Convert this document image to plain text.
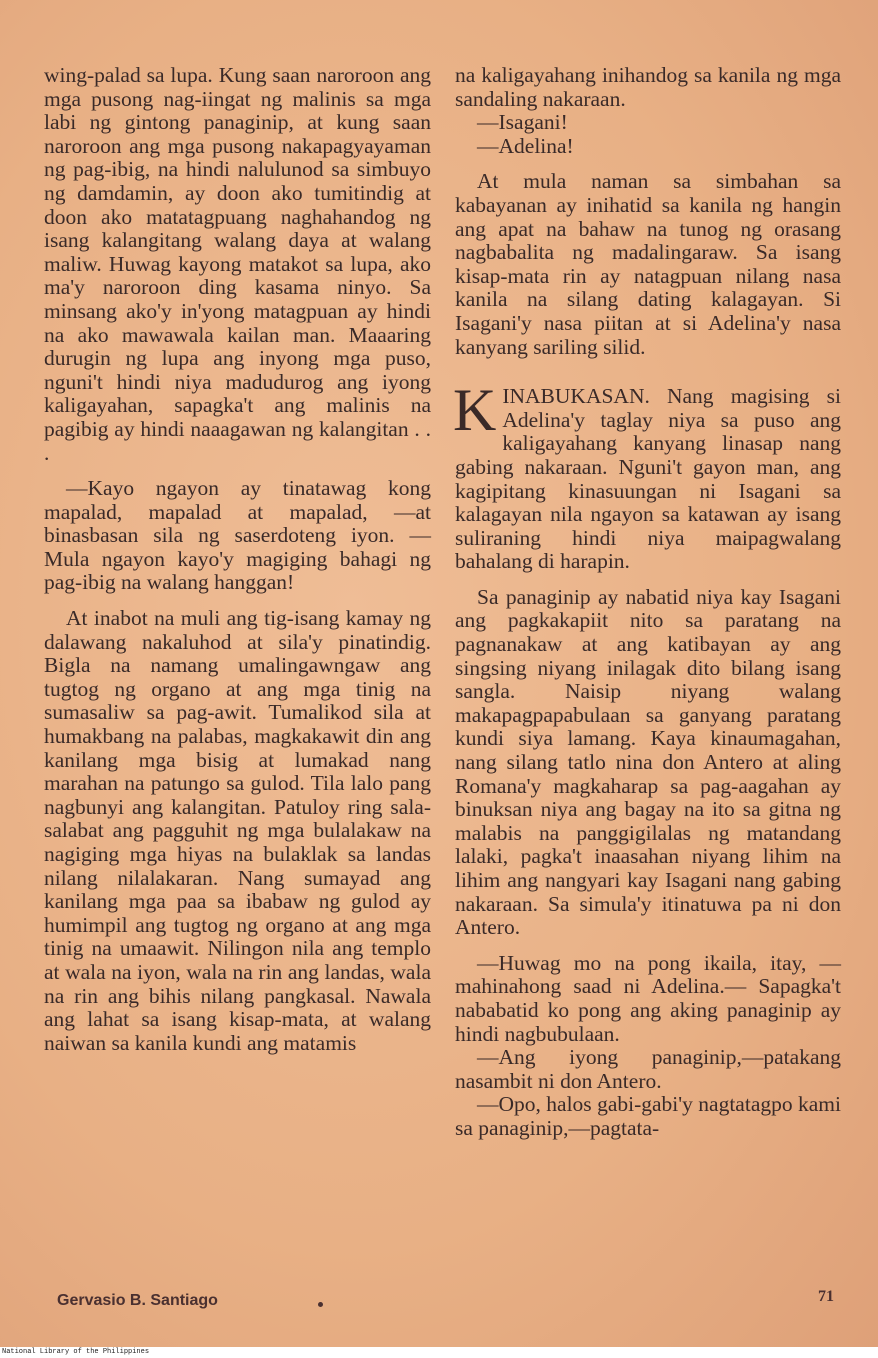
wing-palad sa lupa. Kung saan naroroon ang mga pusong nag-iingat ng malinis sa mga labi ng gintong panaginip, at kung saan naroroon ang mga pusong nakapagyayaman ng pag-ibig, na hindi nalulunod sa simbuyo ng damdamin, ay doon ako tumitindig at doon ako matatagpuang naghahandog ng isang kalangitang walang daya at walang maliw. Huwag kayong matakot sa lupa, ako ma'y naroroon ding kasama ninyo. Sa minsang ako'y in'yong matagpuan ay hindi na ako mawawala kailan man. Maaaring durugin ng lupa ang inyong mga puso, nguni't hindi niya madudurog ang iyong kaligayahan, sapagka't ang malinis na pagibig ay hindi naaagawan ng kalangitan . . .

—Kayo ngayon ay tinatawag kong mapalad, mapalad at mapalad, —at binasbasan sila ng saserdoteng iyon. — Mula ngayon kayo'y magiging bahagi ng pag-ibig na walang hanggan!

At inabot na muli ang tig-isang kamay ng dalawang nakaluhod at sila'y pinatindig. Bigla na namang umalingawngaw ang tugtog ng organo at ang mga tinig na sumasaliw sa pag-awit. Tumalikod sila at humakbang na palabas, magkakawit din ang kanilang mga bisig at lumakad nang marahan na patungo sa gulod. Tila lalo pang nagbunyi ang kalangitan. Patuloy ring sala-salabat ang pagguhit ng mga bulalakaw na nagiging mga hiyas na bulaklak sa landas nilang nilalakaran. Nang sumayad ang kanilang mga paa sa ibabaw ng gulod ay humimpil ang tugtog ng organo at ang mga tinig na umaawit. Nilingon nila ang templo at wala na iyon, wala na rin ang landas, wala na rin ang bihis nilang pangkasal. Nawala ang lahat sa isang kisap-mata, at walang naiwan sa kanila kundi ang matamis

na kaligayahang inihandog sa kanila ng mga sandaling nakaraan.

—Isagani!

—Adelina!

At mula naman sa simbahan sa kabayanan ay inihatid sa kanila ng hangin ang apat na bahaw na tunog ng orasang nagbabalita ng madalingaraw. Sa isang kisap-mata rin ay natagpuan nilang nasa kanila na silang dating kalagayan. Si Isagani'y nasa piitan at si Adelina'y nasa kanyang sariling silid.

KINABUKASAN. Nang magising si Adelina'y taglay niya sa puso ang kaligayahang kanyang linasap nang gabing nakaraan. Nguni't gayon man, ang kagipitang kinasuungan ni Isagani sa kalagayan nila ngayon sa katawan ay isang suliraning hindi niya maipagwalang bahalang di harapin.

Sa panaginip ay nabatid niya kay Isagani ang pagkakapiit nito sa paratang na pagnanakaw at ang katibayan ay ang singsing niyang inilagak dito bilang isang sangla. Naisip niyang walang makapagpapabulaan sa ganyang paratang kundi siya lamang. Kaya kinaumagahan, nang silang tatlo nina don Antero at aling Romana'y magkaharap sa pag-aagahan ay binuksan niya ang bagay na ito sa gitna ng malabis na panggigilalas ng matandang lalaki, pagka't inaasahan niyang lihim na lihim ang nangyari kay Isagani nang gabing nakaraan. Sa simula'y itinatuwa pa ni don Antero.

—Huwag mo na pong ikaila, itay, —mahinahong saad ni Adelina.— Sapagka't nababatid ko pong ang aking panaginip ay hindi nagbubulaan.

—Ang iyong panaginip,—patakang nasambit ni don Antero.

—Opo, halos gabi-gabi'y nagtatagpo kami sa panaginip,—pagtata-

Gervasio B. Santiago	71
National Library of the Philippines
